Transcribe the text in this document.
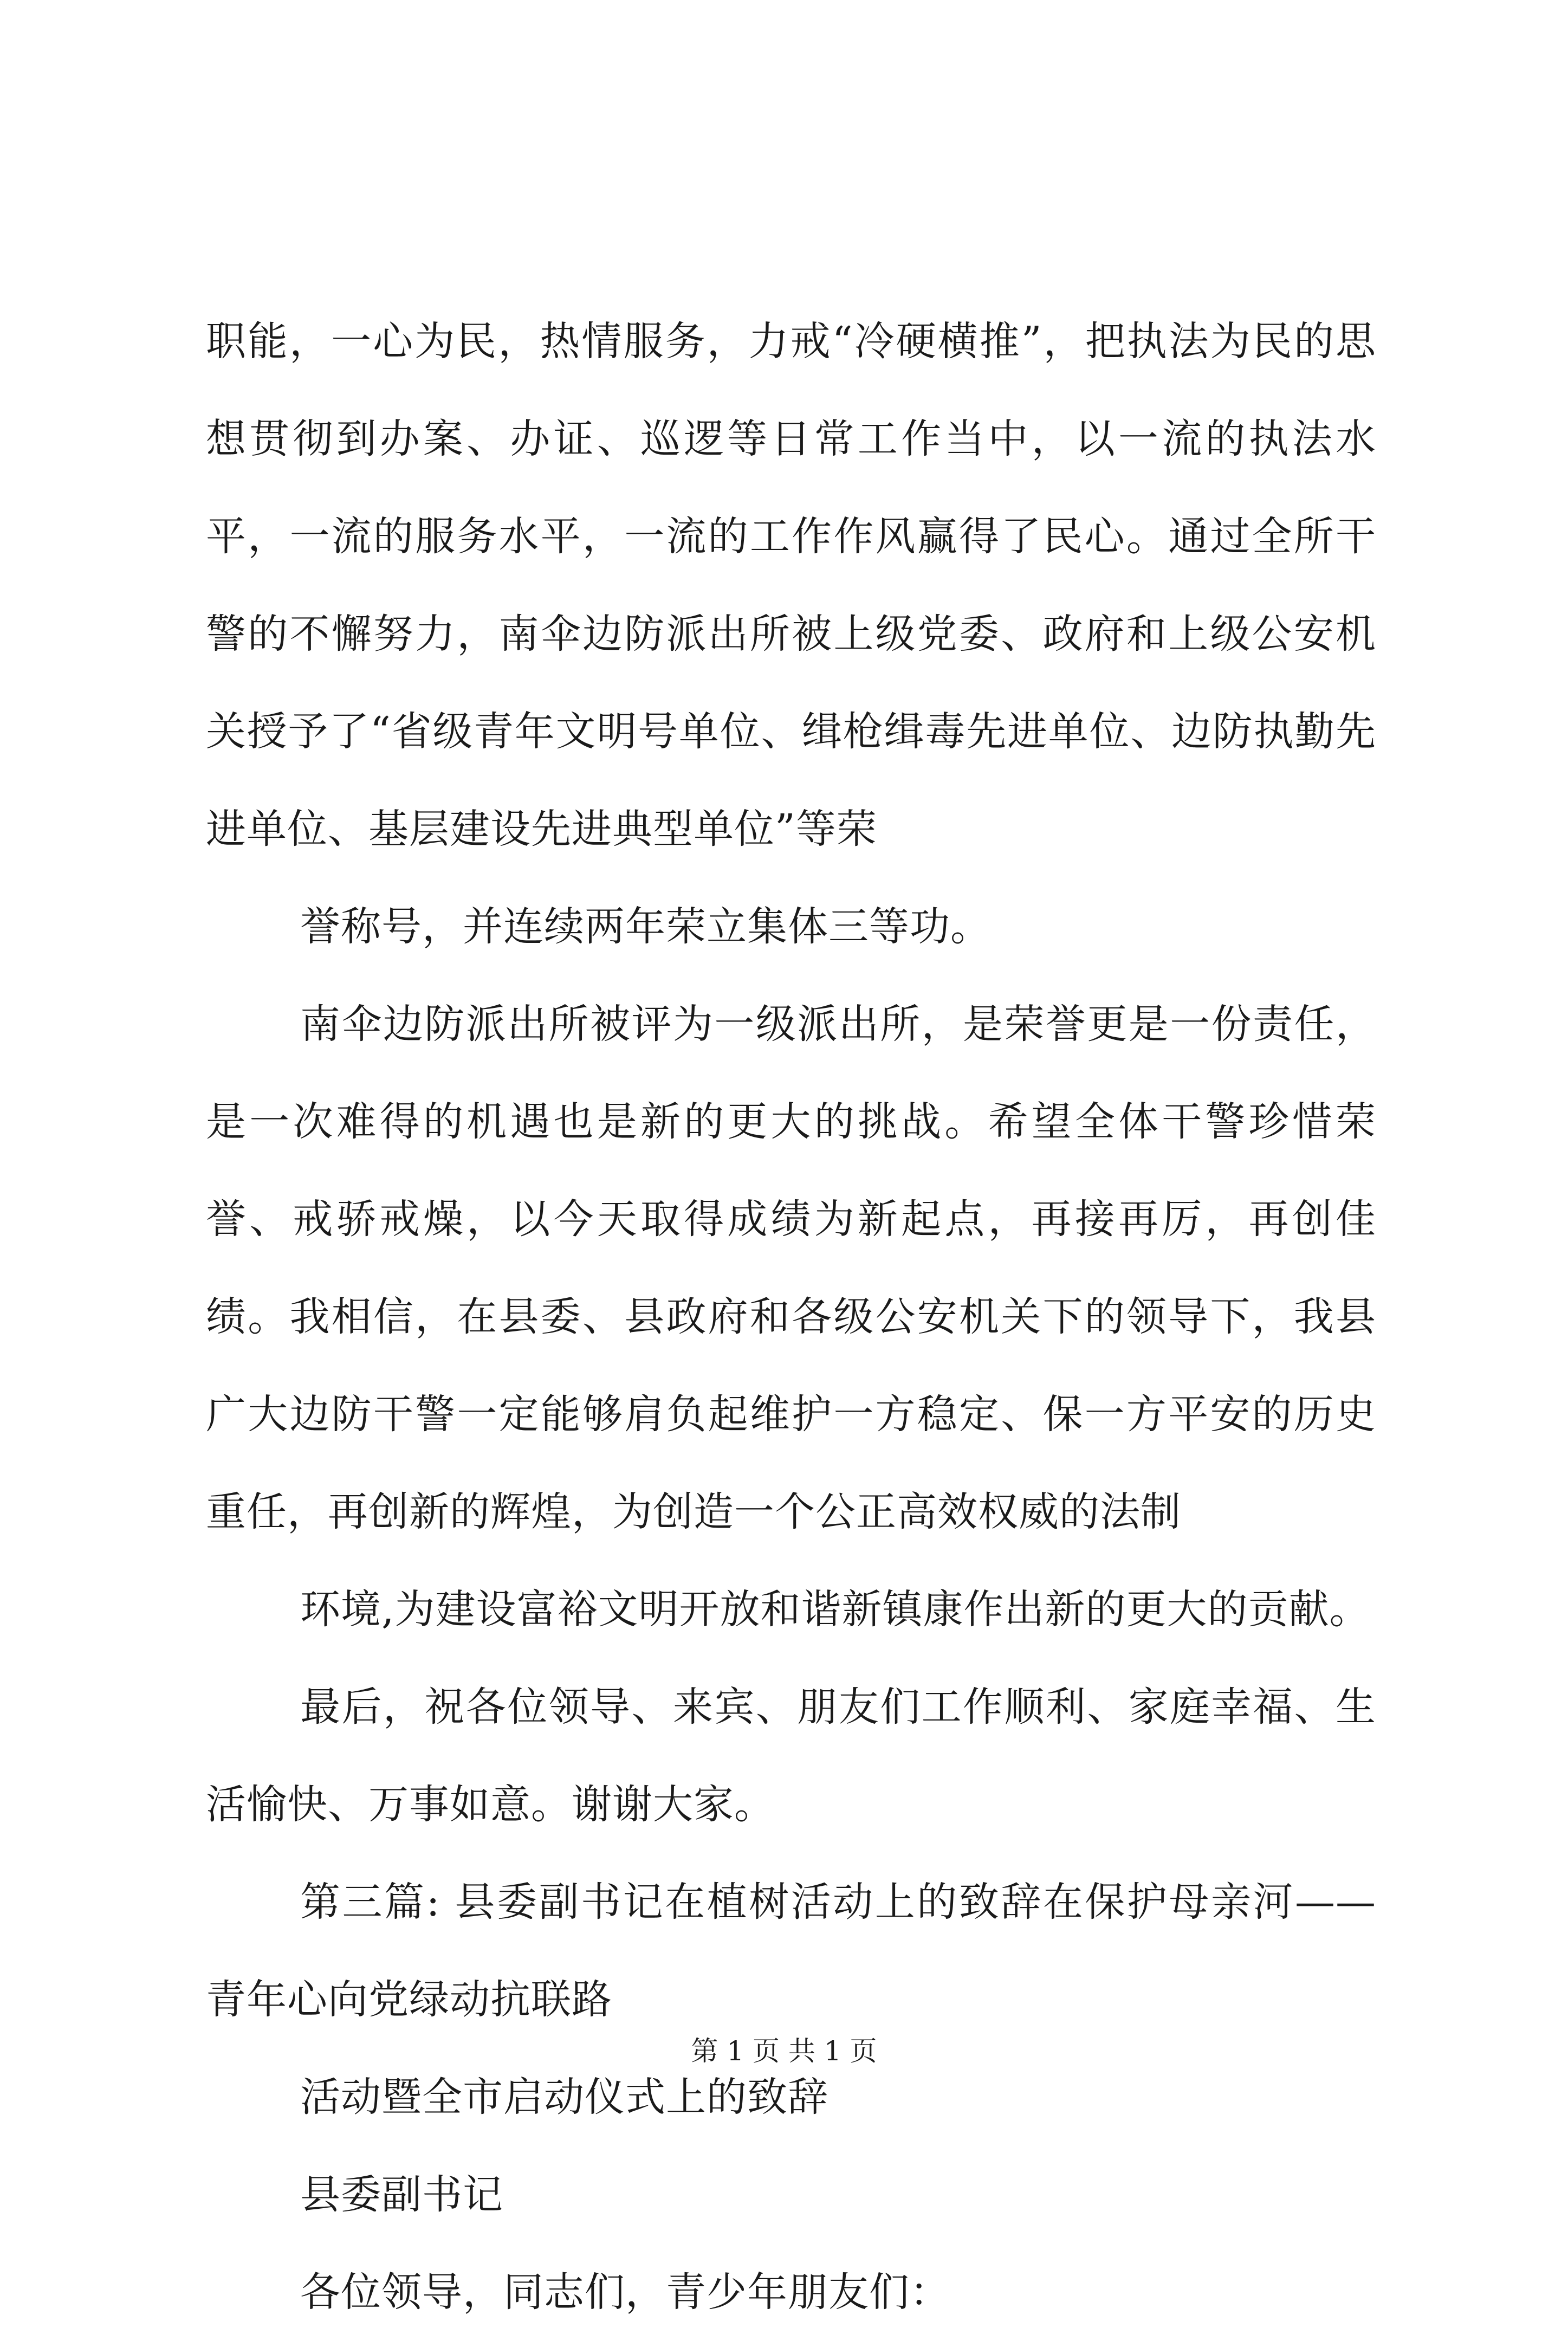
职能，一心为民，热情服务，力戒“冷硬横推”，把执法为民的思想贯彻到办案、办证、巡逻等日常工作当中，以一流的执法水平，一流的服务水平，一流的工作作风赢得了民心。通过全所干警的不懈努力，南伞边防派出所被上级党委、政府和上级公安机关授予了“省级青年文明号单位、缉枪缉毒先进单位、边防执勤先进单位、基层建设先进典型单位”等荣

誉称号，并连续两年荣立集体三等功。

南伞边防派出所被评为一级派出所，是荣誉更是一份责任，是一次难得的机遇也是新的更大的挑战。希望全体干警珍惜荣誉、戒骄戒燥，以今天取得成绩为新起点，再接再厉，再创佳绩。我相信，在县委、县政府和各级公安机关下的领导下，我县广大边防干警一定能够肩负起维护一方稳定、保一方平安的历史重任，再创新的辉煌，为创造一个公正高效权威的法制

环境,为建设富裕文明开放和谐新镇康作出新的更大的贡献。

最后，祝各位领导、来宾、朋友们工作顺利、家庭幸福、生活愉快、万事如意。谢谢大家。

第三篇: 县委副书记在植树活动上的致辞在保护母亲河——青年心向党绿动抗联路

活动暨全市启动仪式上的致辞

县委副书记

各位领导，同志们，青少年朋友们：

第 1 页 共 1 页
